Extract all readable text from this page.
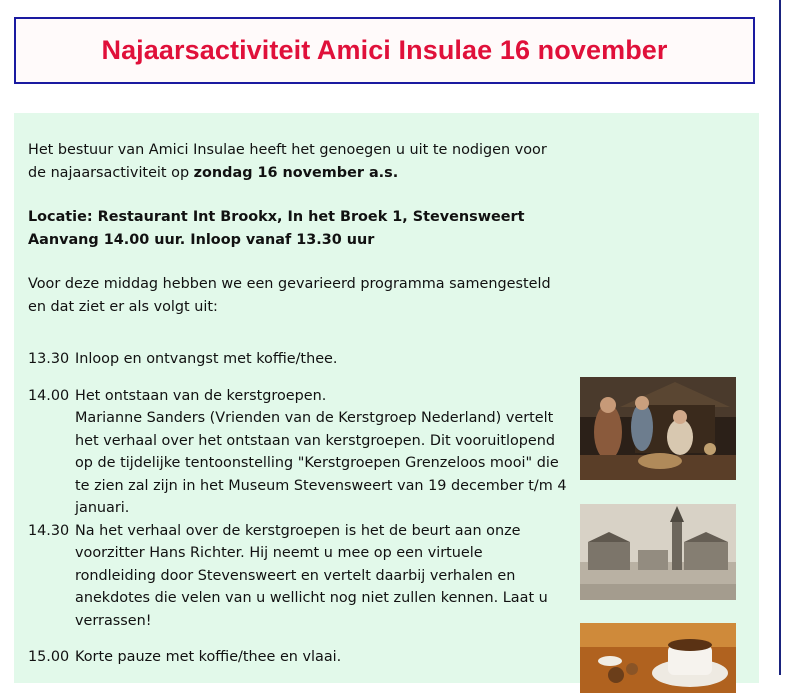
Najaarsactiviteit Amici Insulae 16 november

Het bestuur van Amici Insulae heeft het genoegen u uit te nodigen voor de najaarsactiviteit op zondag 16 november a.s.

Locatie: Restaurant Int Brookx, In het Broek 1, Stevensweert

Aanvang 14.00 uur. Inloop vanaf 13.30 uur

Voor deze middag hebben we een gevarieerd programma samengesteld en dat ziet er als volgt uit:

13.30 Inloop en ontvangst met koffie/thee.
14.00 Het ontstaan van de kerstgroepen.
Marianne Sanders (Vrienden van de Kerstgroep Nederland) vertelt het verhaal over het ontstaan van kerstgroepen. Dit vooruitlopend op de tijdelijke tentoonstelling "Kerstgroepen Grenzeloos mooi" die te zien zal zijn in het Museum Stevensweert van 19 december t/m 4 januari.
14.30 Na het verhaal over de kerstgroepen is het de beurt aan onze voorzitter Hans Richter. Hij neemt u mee op een virtuele rondleiding door Stevensweert en vertelt daarbij verhalen en anekdotes die velen van u wellicht nog niet zullen kennen. Laat u verrassen!
15.00 Korte pauze met koffie/thee en vlaai.
